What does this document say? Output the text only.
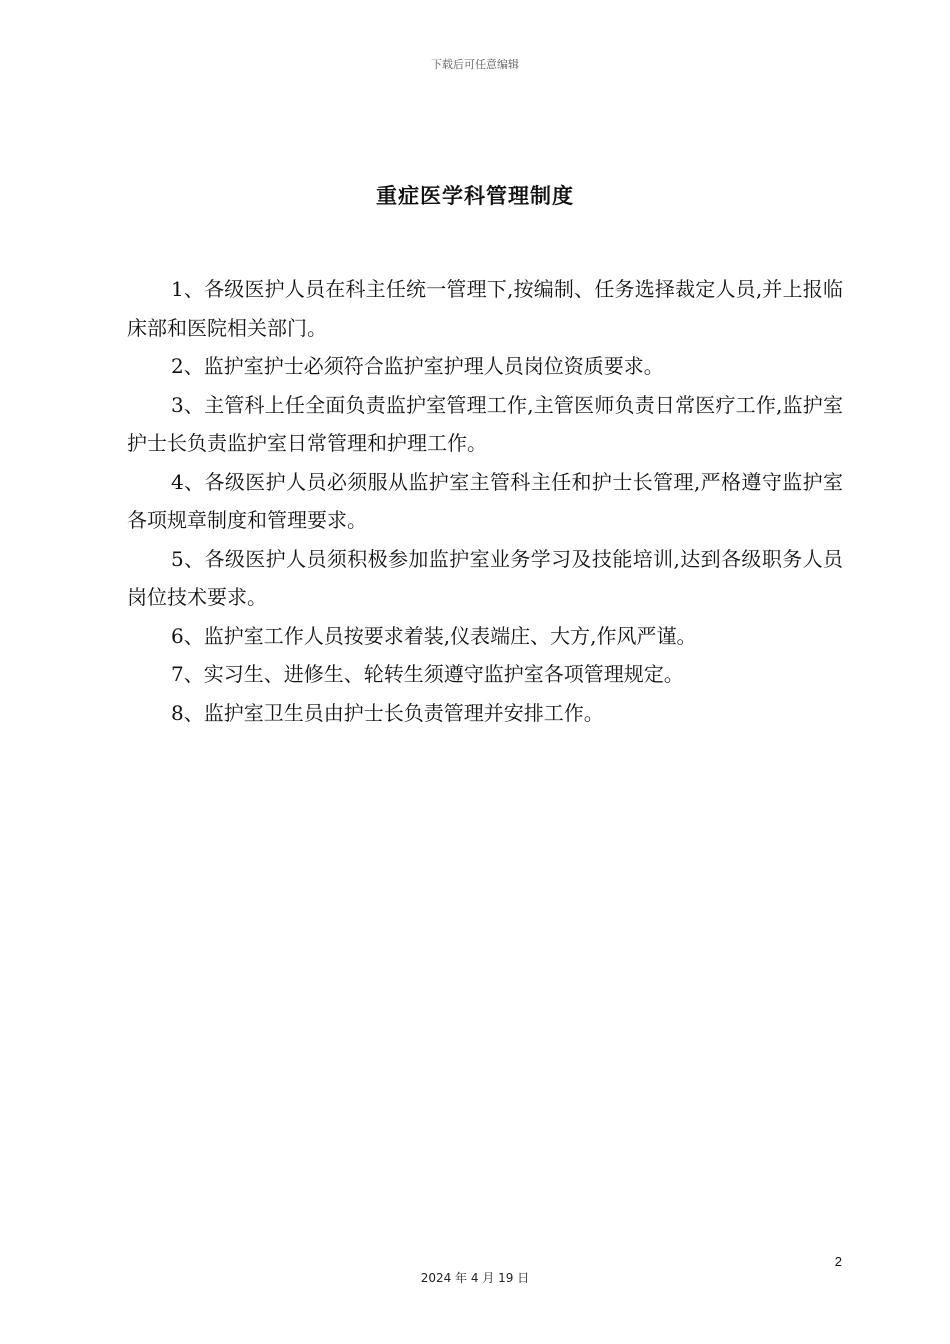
下载后可任意编辑
重症医学科管理制度

1、各级医护人员在科主任统一管理下,按编制、任务选择裁定人员,并上报临床部和医院相关部门。

2、监护室护士必须符合监护室护理人员岗位资质要求。

3、主管科上任全面负责监护室管理工作,主管医师负责日常医疗工作,监护室护士长负责监护室日常管理和护理工作。

4、各级医护人员必须服从监护室主管科主任和护士长管理,严格遵守监护室各项规章制度和管理要求。

5、各级医护人员须积极参加监护室业务学习及技能培训,达到各级职务人员岗位技术要求。

6、监护室工作人员按要求着装,仪表端庄、大方,作风严谨。

7、实习生、进修生、轮转生须遵守监护室各项管理规定。

8、监护室卫生员由护士长负责管理并安排工作。

2
2024 年 4 月 19 日
